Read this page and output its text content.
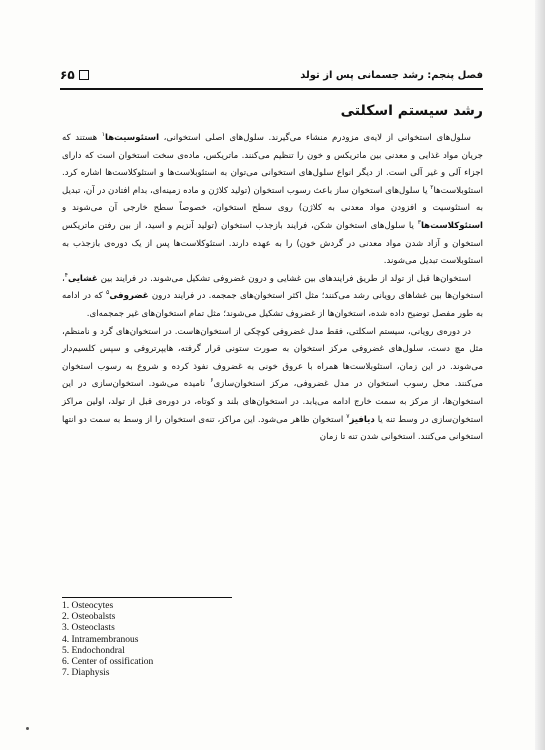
فصل پنجم: رشد جسمانی پس از تولد
۶۵
رشد سیستم اسکلتی

سلول‌های استخوانی از لایه‌ی مزودرم منشاء می‌گیرند. سلول‌های اصلی استخوانی، استئوسیت‌ها$^۱$ هستند که جریان مواد غذایی و معدنی بین ماتریکس و خون را تنظیم می‌کنند. ماتریکس، ماده‌ی سخت استخوان است که دارای اجزاء آلی و غیر آلی است. از دیگر انواع سلول‌های استخوانی می‌توان به استئوبلاست‌ها و استئوکلاست‌ها اشاره کرد. استئوبلاست‌ها$^۲$ یا سلول‌های استخوان ساز باعث رسوب استخوان (تولید کلاژن و ماده زمینه‌ای، بدام افتادن در آن، تبدیل به استئوسیت و افزودن مواد معدنی به کلاژن) روی سطح استخوان، خصوصاً سطح خارجی آن می‌شوند و استئوکلاست‌ها$^۳$ یا سلول‌های استخوان شکن، فرایند بازجذب استخوان (تولید آنزیم و اسید، از بین رفتن ماتریکس استخوان و آزاد شدن مواد معدنی در گردش خون) را به عهده دارند. استئوکلاست‌ها پس از یک دوره‌ی بازجذب به استئوبلاست تبدیل می‌شوند.

استخوان‌ها قبل از تولد از طریق فرایندهای بین غشایی و درون غضروفی تشکیل می‌شوند. در فرایند بین غشایی$^۴$، استخوان‌ها بین غشاهای رویانی رشد می‌کنند؛ مثل اکثر استخوان‌های جمجمه. در فرایند درون غضروفی$^۵$ که در ادامه به طور مفصل توضیح داده شده، استخوان‌ها از غضروف تشکیل می‌شوند؛ مثل تمام استخوان‌های غیر جمجمه‌ای.

در دوره‌ی رویانی، سیستم اسکلتی، فقط مدل غضروفی کوچکی از استخوان‌هاست. در استخوان‌های گرد و نامنظم، مثل مچ دست، سلول‌های غضروفی مرکز استخوان به صورت ستونی قرار گرفته، هایپرتروفی و سپس کلسیم‌دار می‌شوند. در این زمان، استئوبلاست‌ها همراه با عروق خونی به غضروف نفوذ کرده و شروع به رسوب استخوان می‌کنند. محل رسوب استخوان در مدل غضروفی، مرکز استخوان‌سازی$^۶$ نامیده می‌شود. استخوان‌سازی در این استخوان‌ها، از مرکز به سمت خارج ادامه می‌یابد. در استخوان‌های بلند و کوتاه، در دوره‌ی قبل از تولد، اولین مراکز استخوان‌سازی در وسط تنه یا دیافیز$^۷$ استخوان ظاهر می‌شود. این مراکز، تنه‌ی استخوان را از وسط به سمت دو انتها استخوانی می‌کنند. استخوانی شدن تنه تا زمان

1. Osteocytes
2. Osteobalsts
3. Osteoclasts
4. Intramembranous
5. Endochondral
6. Center of ossification
7. Diaphysis
